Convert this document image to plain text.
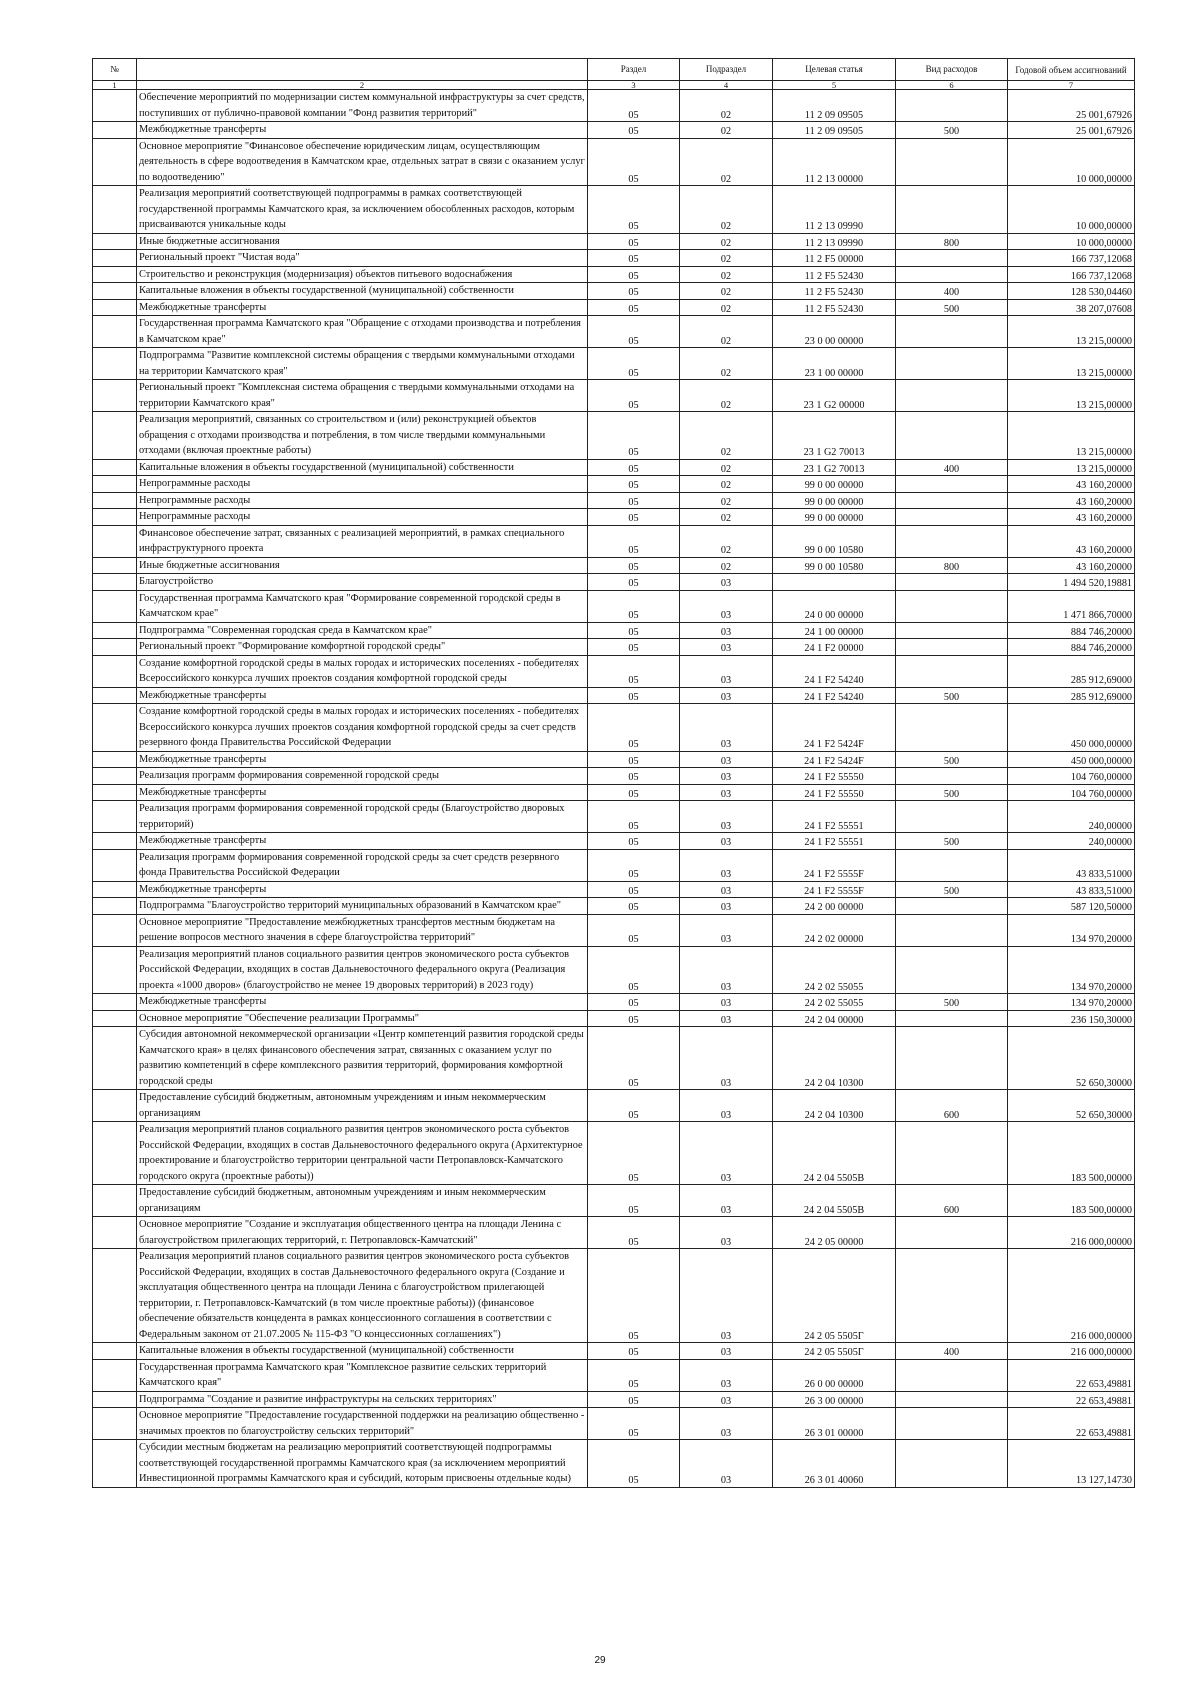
№		Раздел	Подраздел	Целевая статья	Вид расходов	Годовой объем ассигнований
1	2	3	4	5	6	7
	Обеспечение мероприятий по модернизации систем коммунальной инфраструктуры за счет средств, поступивших от публично-правовой компании "Фонд развития территорий"	05	02	11 2 09 09505		25 001,67926
	Межбюджетные трансферты	05	02	11 2 09 09505	500	25 001,67926
	Основное мероприятие "Финансовое обеспечение юридическим лицам, осуществляющим деятельность в сфере водоотведения в Камчатском крае, отдельных затрат в связи с оказанием услуг по водоотведению"	05	02	11 2 13 00000		10 000,00000
	Реализация мероприятий соответствующей подпрограммы в рамках соответствующей государственной программы Камчатского края, за исключением обособленных расходов, которым присваиваются уникальные коды	05	02	11 2 13 09990		10 000,00000
	Иные бюджетные ассигнования	05	02	11 2 13 09990	800	10 000,00000
	Региональный проект "Чистая вода"	05	02	11 2 F5 00000		166 737,12068
	Строительство и реконструкция (модернизация) объектов питьевого водоснабжения	05	02	11 2 F5 52430		166 737,12068
	Капитальные вложения в объекты государственной (муниципальной) собственности	05	02	11 2 F5 52430	400	128 530,04460
	Межбюджетные трансферты	05	02	11 2 F5 52430	500	38 207,07608
	Государственная программа Камчатского края "Обращение с отходами производства и потребления в Камчатском крае"	05	02	23 0 00 00000		13 215,00000
	Подпрограмма "Развитие комплексной системы обращения с твердыми коммунальными отходами на территории Камчатского края"	05	02	23 1 00 00000		13 215,00000
	Региональный проект "Комплексная система обращения с твердыми коммунальными отходами на территории Камчатского края"	05	02	23 1 G2 00000		13 215,00000
	Реализация мероприятий, связанных со строительством и (или) реконструкцией объектов обращения с отходами производства и потребления, в том числе твердыми коммунальными отходами (включая проектные работы)	05	02	23 1 G2 70013		13 215,00000
	Капитальные вложения в объекты государственной (муниципальной) собственности	05	02	23 1 G2 70013	400	13 215,00000
	Непрограммные расходы	05	02	99 0 00 00000		43 160,20000
	Непрограммные расходы	05	02	99 0 00 00000		43 160,20000
	Непрограммные расходы	05	02	99 0 00 00000		43 160,20000
	Финансовое обеспечение затрат, связанных с реализацией мероприятий, в рамках специального инфраструктурного проекта	05	02	99 0 00 10580		43 160,20000
	Иные бюджетные ассигнования	05	02	99 0 00 10580	800	43 160,20000
	Благоустройство	05	03			1 494 520,19881
	Государственная программа Камчатского края "Формирование современной городской среды в Камчатском крае"	05	03	24 0 00 00000		1 471 866,70000
	Подпрограмма "Современная городская среда в Камчатском крае"	05	03	24 1 00 00000		884 746,20000
	Региональный проект "Формирование комфортной городской среды"	05	03	24 1 F2 00000		884 746,20000
	Создание комфортной городской среды в малых городах и исторических поселениях - победителях Всероссийского конкурса лучших проектов создания комфортной городской среды	05	03	24 1 F2 54240		285 912,69000
	Межбюджетные трансферты	05	03	24 1 F2 54240	500	285 912,69000
	Создание комфортной городской среды в малых городах и исторических поселениях - победителях Всероссийского конкурса лучших проектов создания комфортной городской среды за счет средств резервного фонда Правительства Российской Федерации	05	03	24 1 F2 5424F		450 000,00000
	Межбюджетные трансферты	05	03	24 1 F2 5424F	500	450 000,00000
	Реализация программ формирования современной городской среды	05	03	24 1 F2 55550		104 760,00000
	Межбюджетные трансферты	05	03	24 1 F2 55550	500	104 760,00000
	Реализация программ формирования современной городской среды (Благоустройство дворовых территорий)	05	03	24 1 F2 55551		240,00000
	Межбюджетные трансферты	05	03	24 1 F2 55551	500	240,00000
	Реализация программ формирования современной городской среды за счет средств резервного фонда Правительства Российской Федерации	05	03	24 1 F2 5555F		43 833,51000
	Межбюджетные трансферты	05	03	24 1 F2 5555F	500	43 833,51000
	Подпрограмма "Благоустройство территорий муниципальных образований в Камчатском крае"	05	03	24 2 00 00000		587 120,50000
	Основное мероприятие "Предоставление межбюджетных трансфертов местным бюджетам на решение вопросов местного значения в сфере благоустройства территорий"	05	03	24 2 02 00000		134 970,20000
	Реализация мероприятий планов социального развития центров экономического роста субъектов Российской Федерации, входящих в состав Дальневосточного федерального округа (Реализация проекта «1000 дворов» (благоустройство не менее 19 дворовых территорий) в 2023 году)	05	03	24 2 02 55055		134 970,20000
	Межбюджетные трансферты	05	03	24 2 02 55055	500	134 970,20000
	Основное мероприятие "Обеспечение реализации Программы"	05	03	24 2 04 00000		236 150,30000
	Субсидия автономной некоммерческой организации «Центр компетенций развития городской среды Камчатского края» в целях финансового обеспечения затрат, связанных с оказанием услуг по развитию компетенций в сфере комплексного развития территорий, формирования комфортной городской среды	05	03	24 2 04 10300		52 650,30000
	Предоставление субсидий бюджетным, автономным учреждениям и иным некоммерческим организациям	05	03	24 2 04 10300	600	52 650,30000
	Реализация мероприятий планов социального развития центров экономического роста субъектов Российской Федерации, входящих в состав Дальневосточного федерального округа (Архитектурное проектирование и благоустройство территории центральной части Петропавловск-Камчатского городского округа (проектные работы))	05	03	24 2 04 5505В		183 500,00000
	Предоставление субсидий бюджетным, автономным учреждениям и иным некоммерческим организациям	05	03	24 2 04 5505В	600	183 500,00000
	Основное мероприятие "Создание и эксплуатация общественного центра на площади Ленина с благоустройством прилегающих территорий, г. Петропавловск-Камчатский"	05	03	24 2 05 00000		216 000,00000
	Реализация мероприятий планов социального развития центров экономического роста субъектов Российской Федерации, входящих в состав Дальневосточного федерального округа (Создание и эксплуатация общественного центра на площади Ленина с благоустройством прилегающей территории, г. Петропавловск-Камчатский (в том числе проектные работы)) (финансовое обеспечение обязательств концедента в рамках концессионного соглашения в соответствии с Федеральным законом от 21.07.2005 № 115-ФЗ "О концессионных соглашениях")	05	03	24 2 05 5505Г		216 000,00000
	Капитальные вложения в объекты государственной (муниципальной) собственности	05	03	24 2 05 5505Г	400	216 000,00000
	Государственная программа Камчатского края "Комплексное развитие сельских территорий Камчатского края"	05	03	26 0 00 00000		22 653,49881
	Подпрограмма "Создание и развитие инфраструктуры на сельских территориях"	05	03	26 3 00 00000		22 653,49881
	Основное мероприятие "Предоставление государственной поддержки на реализацию общественно - значимых проектов по благоустройству сельских территорий"	05	03	26 3 01 00000		22 653,49881
	Субсидии местным бюджетам на реализацию мероприятий соответствующей подпрограммы соответствующей государственной программы Камчатского края (за исключением мероприятий Инвестиционной программы Камчатского края и субсидий, которым присвоены отдельные коды)	05	03	26 3 01 40060		13 127,14730
29
